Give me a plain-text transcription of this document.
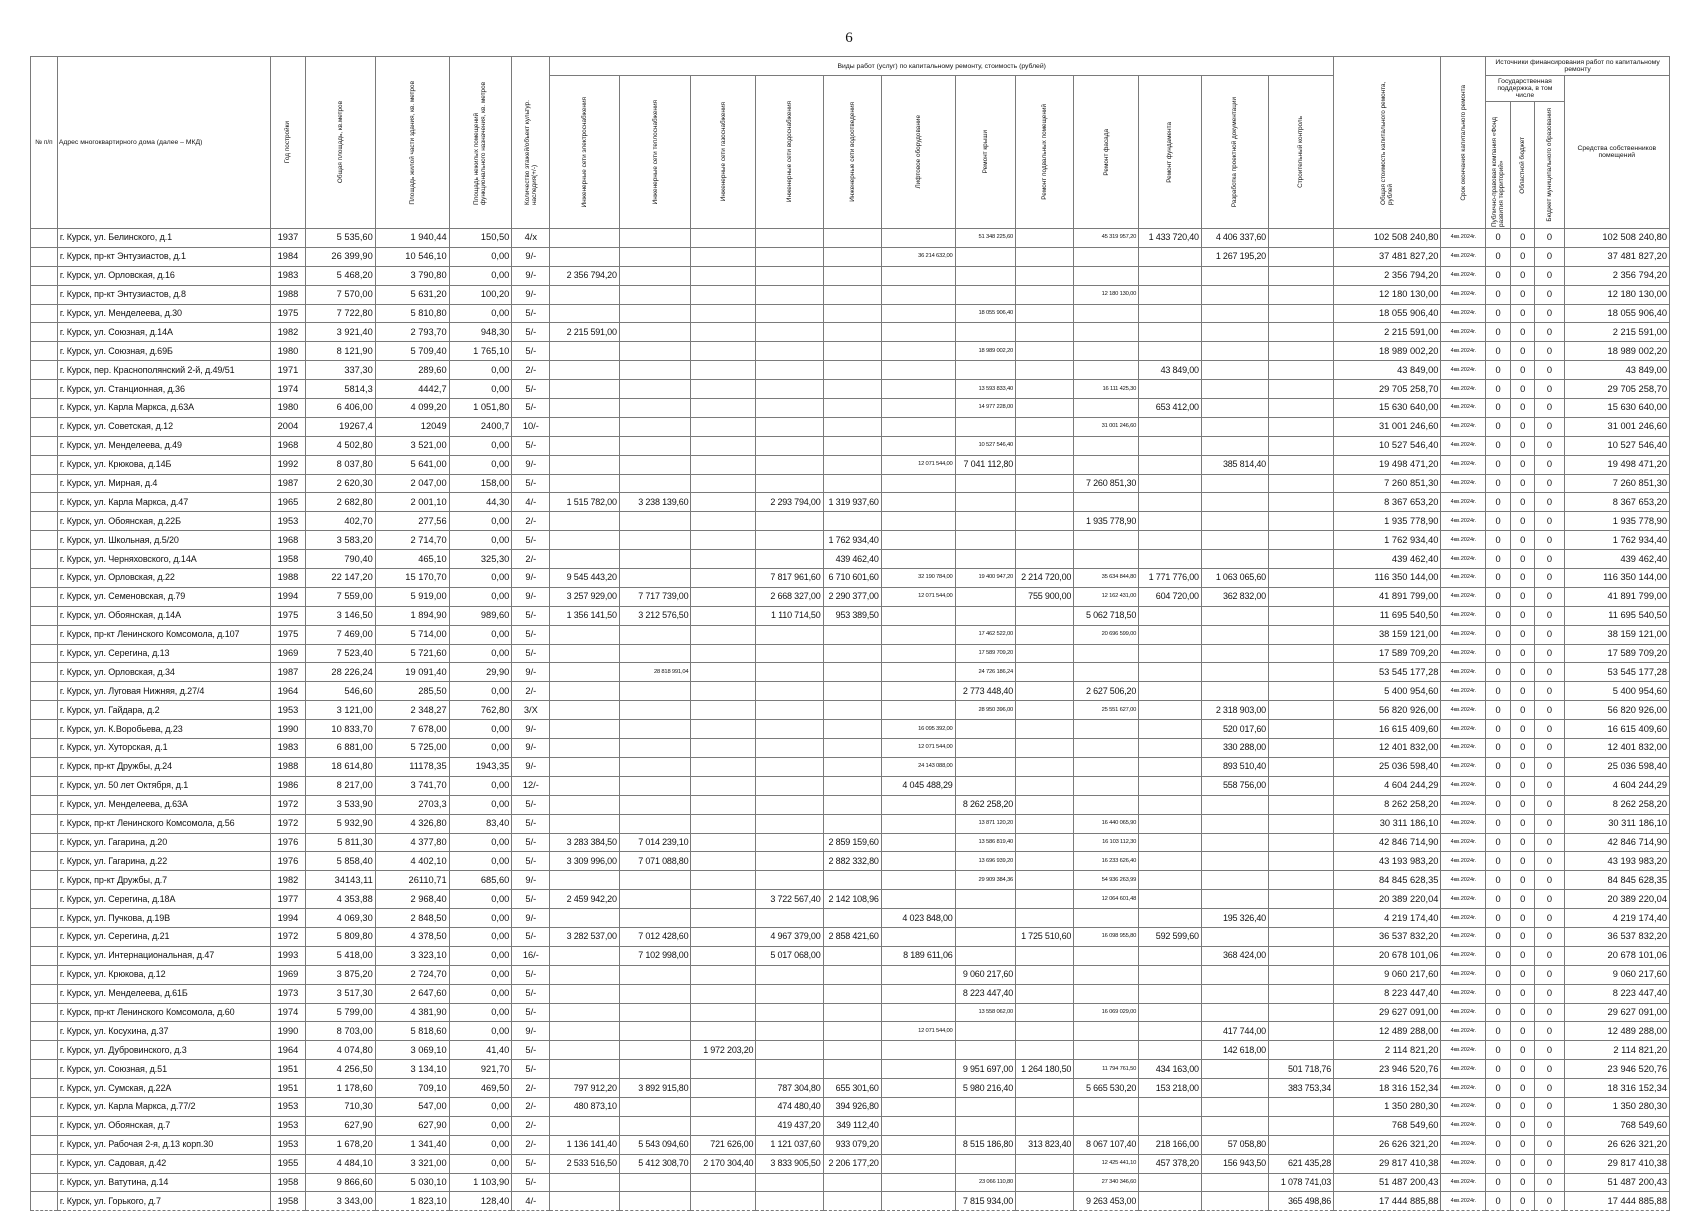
6
№ п/п	Адрес многоквартирного дома (далее – МКД)	Год постройки	Общая площадь, кв.метров	Площадь жилой части здания, кв. метров	Площадь нежилых помещений функционального назначения, кв. метров	Количество этажей/объект культур. наследия(+/-)	Виды работ (услуг) по капитальному ремонту, стоимость (рублей)												Общая стоимость капитального ремонта, рублей	Срок окончания капитального ремонта	Источники финансирования работ по капитальному ремонту			

							Инженерные сети электроснабжения	Инженерные сети теплоснабжения	Инженерные сети газоснабжения	Инженерные сети водоснабжения	Инженерные сети водоотведения	Лифтовое оборудование	Ремонт крыши	Ремонт подвальных помещений	Ремонт фасада	Ремонт фундамента	Разработка проектной документации	Строительный контроль			Государственная поддержка, в том числе			Средства собственников помещений

																					Публично-правовая компания «Фонд развития территорий»	Областной бюджет	Бюджет муниципального образования	

	г. Курск, ул. Белинского, д.1	1937	5 535,60	1 940,44	150,50	4/x							51 348 225,60		45 319 957,20	1 433 720,40	4 406 337,60		102 508 240,80	4кв.2024г.	0	0	0	102 508 240,80
	г. Курск, пр-кт Энтузиастов, д.1	1984	26 399,90	10 546,10	0,00	9/-						36 214 632,00					1 267 195,20		37 481 827,20	4кв.2024г.	0	0	0	37 481 827,20
	г. Курск, ул. Орловская, д.16	1983	5 468,20	3 790,80	0,00	9/-	2 356 794,20												2 356 794,20	4кв.2024г.	0	0	0	2 356 794,20
	г. Курск, пр-кт Энтузиастов, д.8	1988	7 570,00	5 631,20	100,20	9/-									12 180 130,00				12 180 130,00	4кв.2024г.	0	0	0	12 180 130,00
	г. Курск, ул. Менделеева, д.30	1975	7 722,80	5 810,80	0,00	5/-							18 055 906,40						18 055 906,40	4кв.2024г.	0	0	0	18 055 906,40
	г. Курск, ул. Союзная, д.14А	1982	3 921,40	2 793,70	948,30	5/-	2 215 591,00												2 215 591,00	4кв.2024г.	0	0	0	2 215 591,00
	г. Курск, ул. Союзная, д.69Б	1980	8 121,90	5 709,40	1 765,10	5/-							18 989 002,20						18 989 002,20	4кв.2024г.	0	0	0	18 989 002,20
	г. Курск, пер. Краснополянский 2-й, д.49/51	1971	337,30	289,60	0,00	2/-										43 849,00			43 849,00	4кв.2024г.	0	0	0	43 849,00
	г. Курск, ул. Станционная, д.36	1974	5814,3	4442,7	0,00	5/-							13 593 833,40		16 111 425,30				29 705 258,70	4кв.2024г.	0	0	0	29 705 258,70
	г. Курск, ул. Карла Маркса, д.63А	1980	6 406,00	4 099,20	1 051,80	5/-							14 977 228,00			653 412,00			15 630 640,00	4кв.2024г.	0	0	0	15 630 640,00
	г. Курск, ул. Советская, д.12	2004	19267,4	12049	2400,7	10/-									31 001 246,60				31 001 246,60	4кв.2024г.	0	0	0	31 001 246,60
	г. Курск, ул. Менделеева, д.49	1968	4 502,80	3 521,00	0,00	5/-							10 527 546,40						10 527 546,40	4кв.2024г.	0	0	0	10 527 546,40
	г. Курск, ул. Крюкова, д.14Б	1992	8 037,80	5 641,00	0,00	9/-						12 071 544,00	7 041 112,80				385 814,40		19 498 471,20	4кв.2024г.	0	0	0	19 498 471,20
	г. Курск, ул. Мирная, д.4	1987	2 620,30	2 047,00	158,00	5/-									7 260 851,30				7 260 851,30	4кв.2024г.	0	0	0	7 260 851,30
	г. Курск, ул. Карла Маркса, д.47	1965	2 682,80	2 001,10	44,30	4/-	1 515 782,00	3 238 139,60		2 293 794,00	1 319 937,60								8 367 653,20	4кв.2024г.	0	0	0	8 367 653,20
	г. Курск, ул. Обоянская, д.22Б	1953	402,70	277,56	0,00	2/-									1 935 778,90				1 935 778,90	4кв.2024г.	0	0	0	1 935 778,90
	г. Курск, ул. Школьная, д.5/20	1968	3 583,20	2 714,70	0,00	5/-					1 762 934,40								1 762 934,40	4кв.2024г.	0	0	0	1 762 934,40
	г. Курск, ул. Черняховского, д.14А	1958	790,40	465,10	325,30	2/-					439 462,40								439 462,40	4кв.2024г.	0	0	0	439 462,40
	г. Курск, ул. Орловская, д.22	1988	22 147,20	15 170,70	0,00	9/-	9 545 443,20			7 817 961,60	6 710 601,60	32 190 784,00	19 400 947,20	2 214 720,00	35 634 844,80	1 771 776,00	1 063 065,60		116 350 144,00	4кв.2024г.	0	0	0	116 350 144,00
	г. Курск, ул. Семеновская, д.79	1994	7 559,00	5 919,00	0,00	9/-	3 257 929,00	7 717 739,00		2 668 327,00	2 290 377,00	12 071 544,00		755 900,00	12 162 431,00	604 720,00	362 832,00		41 891 799,00	4кв.2024г.	0	0	0	41 891 799,00
	г. Курск, ул. Обоянская, д.14А	1975	3 146,50	1 894,90	989,60	5/-	1 356 141,50	3 212 576,50		1 110 714,50	953 389,50				5 062 718,50				11 695 540,50	4кв.2024г.	0	0	0	11 695 540,50
	г. Курск, пр-кт Ленинского Комсомола, д.107	1975	7 469,00	5 714,00	0,00	5/-							17 462 522,00		20 696 599,00				38 159 121,00	4кв.2024г.	0	0	0	38 159 121,00
	г. Курск, ул. Серегина, д.13	1969	7 523,40	5 721,60	0,00	5/-							17 589 709,20						17 589 709,20	4кв.2024г.	0	0	0	17 589 709,20
	г. Курск, ул. Орловская, д.34	1987	28 226,24	19 091,40	29,90	9/-		28 818 991,04					24 726 186,24						53 545 177,28	4кв.2024г.	0	0	0	53 545 177,28
	г. Курск, ул. Луговая Нижняя, д.27/4	1964	546,60	285,50	0,00	2/-							2 773 448,40		2 627 506,20				5 400 954,60	4кв.2024г.	0	0	0	5 400 954,60
	г. Курск, ул. Гайдара, д.2	1953	3 121,00	2 348,27	762,80	3/X							28 950 396,00		25 551 627,00		2 318 903,00		56 820 926,00	4кв.2024г.	0	0	0	56 820 926,00
	г. Курск, ул. К.Воробьева, д.23	1990	10 833,70	7 678,00	0,00	9/-						16 095 392,00					520 017,60		16 615 409,60	4кв.2024г.	0	0	0	16 615 409,60
	г. Курск, ул. Хуторская, д.1	1983	6 881,00	5 725,00	0,00	9/-						12 071 544,00					330 288,00		12 401 832,00	4кв.2024г.	0	0	0	12 401 832,00
	г. Курск, пр-кт Дружбы, д.24	1988	18 614,80	11178,35	1943,35	9/-						24 143 088,00					893 510,40		25 036 598,40	4кв.2024г.	0	0	0	25 036 598,40
	г. Курск, ул. 50 лет Октября, д.1	1986	8 217,00	3 741,70	0,00	12/-						4 045 488,29					558 756,00		4 604 244,29	4кв.2024г.	0	0	0	4 604 244,29
	г. Курск, ул. Менделеева, д.63А	1972	3 533,90	2703,3	0,00	5/-							8 262 258,20						8 262 258,20	4кв.2024г.	0	0	0	8 262 258,20
	г. Курск, пр-кт Ленинского Комсомола, д.56	1972	5 932,90	4 326,80	83,40	5/-							13 871 120,20		16 440 065,90				30 311 186,10	4кв.2024г.	0	0	0	30 311 186,10
	г. Курск, ул. Гагарина, д.20	1976	5 811,30	4 377,80	0,00	5/-	3 283 384,50	7 014 239,10			2 859 159,60		13 586 819,40		16 103 112,30				42 846 714,90	4кв.2024г.	0	0	0	42 846 714,90
	г. Курск, ул. Гагарина, д.22	1976	5 858,40	4 402,10	0,00	5/-	3 309 996,00	7 071 088,80			2 882 332,80		13 696 939,20		16 233 626,40				43 193 983,20	4кв.2024г.	0	0	0	43 193 983,20
	г. Курск, пр-кт Дружбы, д.7	1982	34143,11	26110,71	685,60	9/-							29 909 384,36		54 936 263,99				84 845 628,35	4кв.2024г.	0	0	0	84 845 628,35
	г. Курск, ул. Серегина, д.18А	1977	4 353,88	2 968,40	0,00	5/-	2 459 942,20			3 722 567,40	2 142 108,96				12 064 601,48				20 389 220,04	4кв.2024г.	0	0	0	20 389 220,04
	г. Курск, ул. Пучкова, д.19В	1994	4 069,30	2 848,50	0,00	9/-						4 023 848,00					195 326,40		4 219 174,40	4кв.2024г.	0	0	0	4 219 174,40
	г. Курск, ул. Серегина, д.21	1972	5 809,80	4 378,50	0,00	5/-	3 282 537,00	7 012 428,60		4 967 379,00	2 858 421,60			1 725 510,60	16 098 955,80	592 599,60			36 537 832,20	4кв.2024г.	0	0	0	36 537 832,20
	г. Курск, ул. Интернациональная, д.47	1993	5 418,00	3 323,10	0,00	16/-		7 102 998,00		5 017 068,00		8 189 611,06					368 424,00		20 678 101,06	4кв.2024г.	0	0	0	20 678 101,06
	г. Курск, ул. Крюкова, д.12	1969	3 875,20	2 724,70	0,00	5/-							9 060 217,60						9 060 217,60	4кв.2024г.	0	0	0	9 060 217,60
	г. Курск, ул. Менделеева, д.61Б	1973	3 517,30	2 647,60	0,00	5/-							8 223 447,40						8 223 447,40	4кв.2024г.	0	0	0	8 223 447,40
	г. Курск, пр-кт Ленинского Комсомола, д.60	1974	5 799,00	4 381,90	0,00	5/-							13 558 062,00		16 069 029,00				29 627 091,00	4кв.2024г.	0	0	0	29 627 091,00
	г. Курск, ул. Косухина, д.37	1990	8 703,00	5 818,60	0,00	9/-						12 071 544,00					417 744,00		12 489 288,00	4кв.2024г.	0	0	0	12 489 288,00
	г. Курск, ул. Дубровинского, д.3	1964	4 074,80	3 069,10	41,40	5/-			1 972 203,20								142 618,00		2 114 821,20	4кв.2024г.	0	0	0	2 114 821,20
	г. Курск, ул. Союзная, д.51	1951	4 256,50	3 134,10	921,70	5/-							9 951 697,00	1 264 180,50	11 794 761,50	434 163,00		501 718,76	23 946 520,76	4кв.2024г.	0	0	0	23 946 520,76
	г. Курск, ул. Сумская, д.22А	1951	1 178,60	709,10	469,50	2/-	797 912,20	3 892 915,80		787 304,80	655 301,60		5 980 216,40		5 665 530,20	153 218,00		383 753,34	18 316 152,34	4кв.2024г.	0	0	0	18 316 152,34
	г. Курск, ул. Карла Маркса, д.77/2	1953	710,30	547,00	0,00	2/-	480 873,10			474 480,40	394 926,80								1 350 280,30	4кв.2024г.	0	0	0	1 350 280,30
	г. Курск, ул. Обоянская, д.7	1953	627,90	627,90	0,00	2/-				419 437,20	349 112,40								768 549,60	4кв.2024г.	0	0	0	768 549,60
	г. Курск, ул. Рабочая 2-я, д.13 корп.30	1953	1 678,20	1 341,40	0,00	2/-	1 136 141,40	5 543 094,60	721 626,00	1 121 037,60	933 079,20		8 515 186,80	313 823,40	8 067 107,40	218 166,00	57 058,80		26 626 321,20	4кв.2024г.	0	0	0	26 626 321,20
	г. Курск, ул. Садовая, д.42	1955	4 484,10	3 321,00	0,00	5/-	2 533 516,50	5 412 308,70	2 170 304,40	3 833 905,50	2 206 177,20				12 425 441,10	457 378,20	156 943,50	621 435,28	29 817 410,38	4кв.2024г.	0	0	0	29 817 410,38
	г. Курск, ул. Ватутина, д.14	1958	9 866,60	5 030,10	1 103,90	5/-							23 066 110,80		27 340 346,60			1 078 741,03	51 487 200,43	4кв.2024г.	0	0	0	51 487 200,43
	г. Курск, ул. Горького, д.7	1958	3 343,00	1 823,10	128,40	4/-							7 815 934,00		9 263 453,00			365 498,86	17 444 885,88	4кв.2024г.	0	0	0	17 444 885,88
